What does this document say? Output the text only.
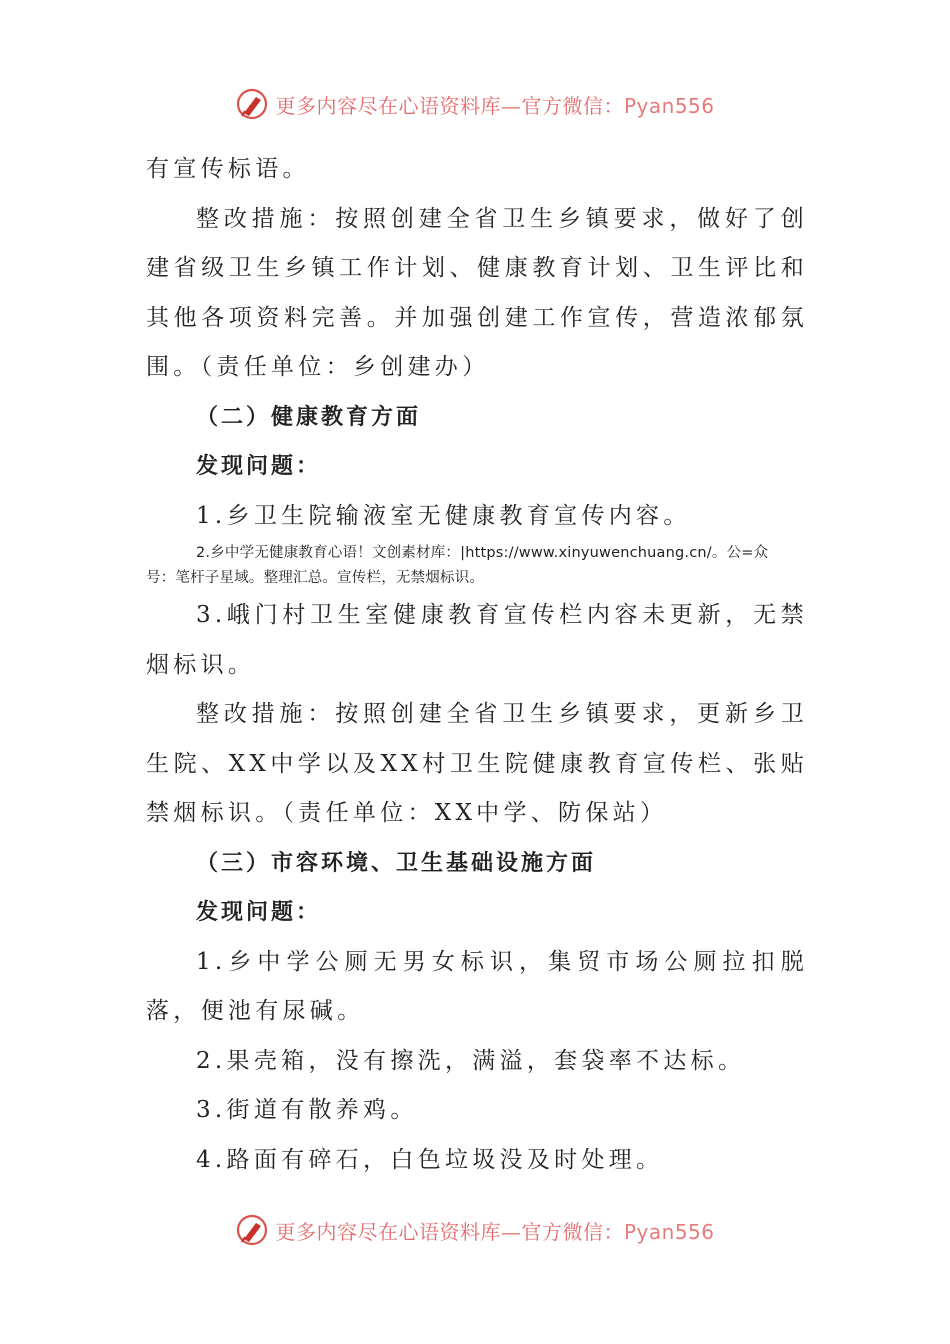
更多内容尽在心语资料库—官方微信：Pyan556

有宣传标语。

整改措施：按照创建全省卫生乡镇要求，做好了创建省级卫生乡镇工作计划、健康教育计划、卫生评比和其他各项资料完善。并加强创建工作宣传，营造浓郁氛围。（责任单位：乡创建办）

（二）健康教育方面

发现问题：

1.乡卫生院输液室无健康教育宣传内容。

2.乡中学无健康教育心语！文创素材库：|https://www.xinyuwenchuang.cn/。公=众
号：笔杆子星域。整理汇总。宣传栏，无禁烟标识。

3.峨门村卫生室健康教育宣传栏内容未更新，无禁烟标识。

整改措施：按照创建全省卫生乡镇要求，更新乡卫生院、XX中学以及XX村卫生院健康教育宣传栏、张贴禁烟标识。（责任单位：XX中学、防保站）

（三）市容环境、卫生基础设施方面

发现问题：

1.乡中学公厕无男女标识，集贸市场公厕拉扣脱落，便池有尿碱。

2.果壳箱，没有擦洗，满溢，套袋率不达标。

3.街道有散养鸡。

4.路面有碎石，白色垃圾没及时处理。

更多内容尽在心语资料库—官方微信：Pyan556
